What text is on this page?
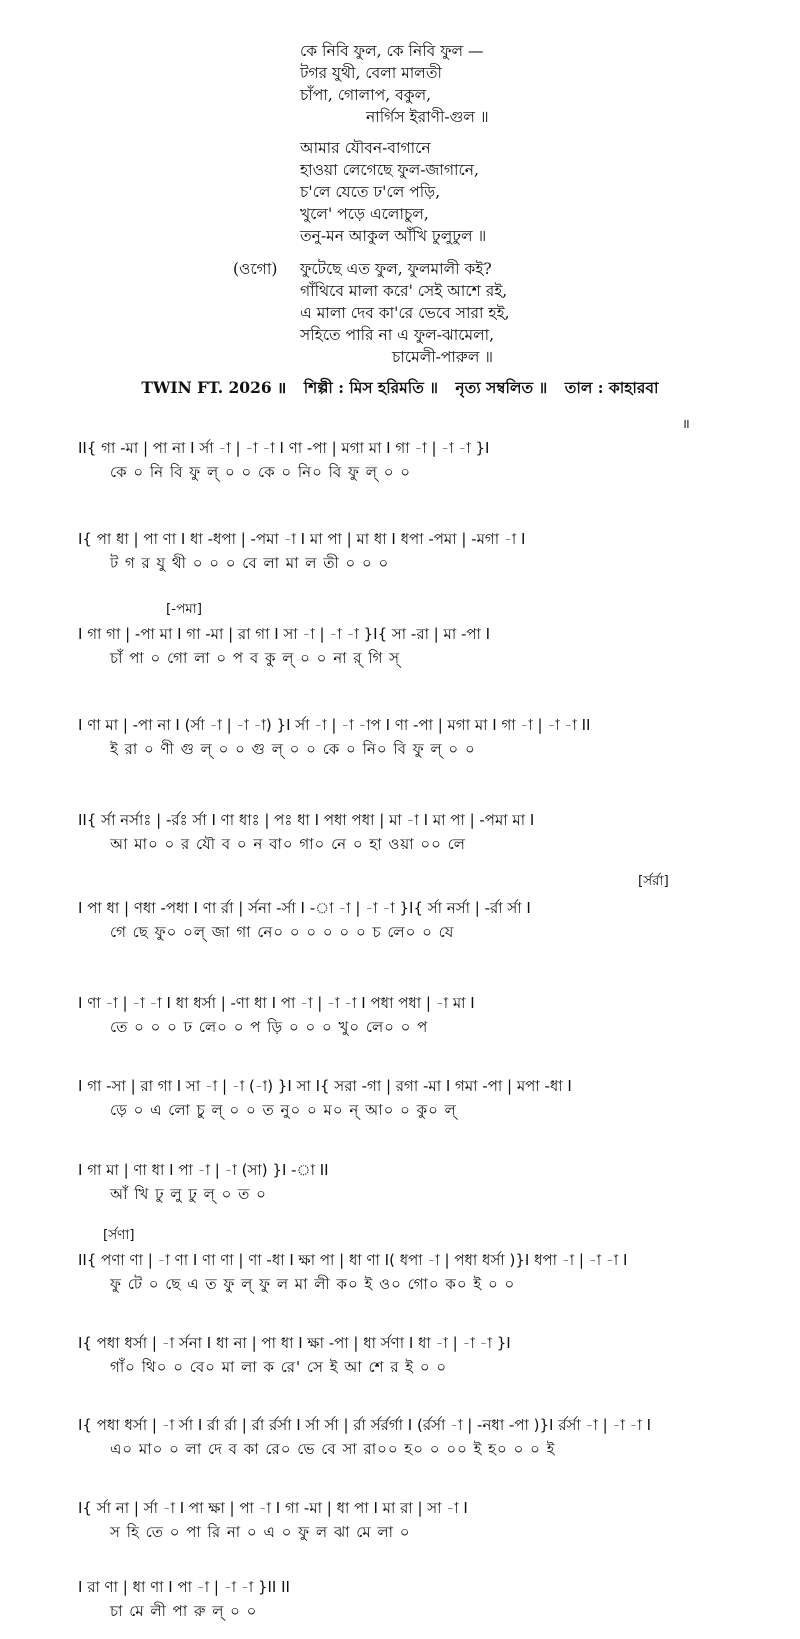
কে নিবি ফুল, কে নিবি ফুল —
টগর যুথী, বেলা মালতী
চাঁপা, গোলাপ, বকুল,
নার্গিস ইরাণী-গুল ॥
আমার যৌবন-বাগানে
হাওয়া লেগেছে ফুল-জাগানে,
চ'লে যেতে ঢ'লে পড়ি,
খুলে' পড়ে এলোচুল,
তনু-মন আকুল আঁখি ঢুলুঢুল ॥
(ওগো) ফুটেছে এত ফুল, ফুলমালী কই?
গাঁথিবে মালা করে' সেই আশে রই,
এ মালা দেব কা'রে ভেবে সারা হই,
সহিতে পারি না এ ফুল-ঝামেলা,
চামেলী-পারুল ॥
TWIN FT. 2026 ॥ শিল্পী : মিস হরিমতি ॥ নৃত্য সম্বলিত ॥ তাল : কাহারবা
॥
II{ গা -মা | পা না I র্সা -া | -া -া I ণা -পা | মগা মা I গা -া | -া -া }I
কে ০ নি বি ফু ল্ ০ ০ কে ০ নি০ বি ফু ল্ ০ ০
I{ পা ধা | পা ণা I ধা -ধপা | -পমা -া I মা পা | মা ধা I ধপা -পমা | -মগা -া I
ট গ র যু থী ০ ০ ০ বে লা মা ল তী ০ ০ ০
[-পমা]
I গা গা | -পা মা I গা -মা | রা গা I সা -া | -া -া }I{ সা -রা | মা -পা I
চাঁ পা ০ গো লা ০ প ব কু ল্ ০ ০ না র্ গি স্
I ণা মা | -পা না I (র্সা -া | -া -া) }I র্সা -া | -া -াপ I ণা -পা | মগা মা I গা -া | -া -া II
ই রা ০ ণী গু ল্ ০ ০ গু ল্ ০ ০ কে ০ নি০ বি ফু ল্ ০ ০
II{ র্সা নর্সাঃ | -র্রঃ র্সা I ণা ধাঃ | পঃ ধা I পধা পধা | মা -া I মা পা | -পমা মা I
আ মা০ ০ র যৌ ব ০ ন বা০ গা০ নে ০ হা ওয়া ০০ লে
[র্সর্রা]
I পা ধা | ণধা -পধা I ণা র্রা | র্সনা -র্সা I -া -া | -া -া }I{ র্সা নর্সা | -র্রা র্সা I
গে ছে ফু০ ০ল্ জা গা নে০ ০ ০ ০ ০ ০ চ লে০ ০ যে
I ণা -া | -া -া I ধা ধর্সা | -ণা ধা I পা -া | -া -া I পধা পধা | -া মা I
তে ০ ০ ০ ঢ লে০ ০ প ড়ি ০ ০ ০ খু০ লে০ ০ প
I গা -সা | রা গা I সা -া | -া (-া) }I সা I{ সরা -গা | রগা -মা I গমা -পা | মপা -ধা I
ড়ে ০ এ লো চু ল্ ০ ০ ত নু০ ০ ম০ ন্ আ০ ০ কু০ ল্
I গা মা | ণা ধা I পা -া | -া (সা) }I -া II
আঁ খি ঢু লু ঢু ল্ ০ ত ০
[র্সণা]
II{ পণা ণা | -া ণা I ণা ণা | ণা -ধা I ক্ষা পা | ধা ণা I( ধপা -া | পধা ধর্সা )}I ধপা -া | -া -া I
ফু টে ০ ছে এ ত ফু ল্ ফু ল মা লী ক০ ই ও০ গো০ ক০ ই ০ ০
I{ পধা ধর্সা | -া র্সনা I ধা না | পা ধা I ক্ষা -পা | ধা র্সণা I ধা -া | -া -া }I
গাঁ০ থি০ ০ বে০ মা লা ক রে' সে ই আ শে র ই ০ ০
I{ পধা ধর্সা | -া র্সা I র্রা র্রা | র্রা র্রর্সা I র্সা র্সা | র্রা র্সর্রর্গা I (র্রর্সা -া | -নধা -পা )}I র্রর্সা -া | -া -া I
এ০ মা০ ০ লা দে ব কা রে০ ভে বে সা রা০০ হ০ ০ ০০ ই হ০ ০ ০ ই
I{ র্সা না | র্সা -া I পা ক্ষা | পা -া I গা -মা | ধা পা I মা রা | সা -া I
স হি তে ০ পা রি না ০ এ ০ ফু ল ঝা মে লা ০
I রা ণা | ধা ণা I পা -া | -া -া }II II
চা মে লী পা রু ল্ ০ ০
